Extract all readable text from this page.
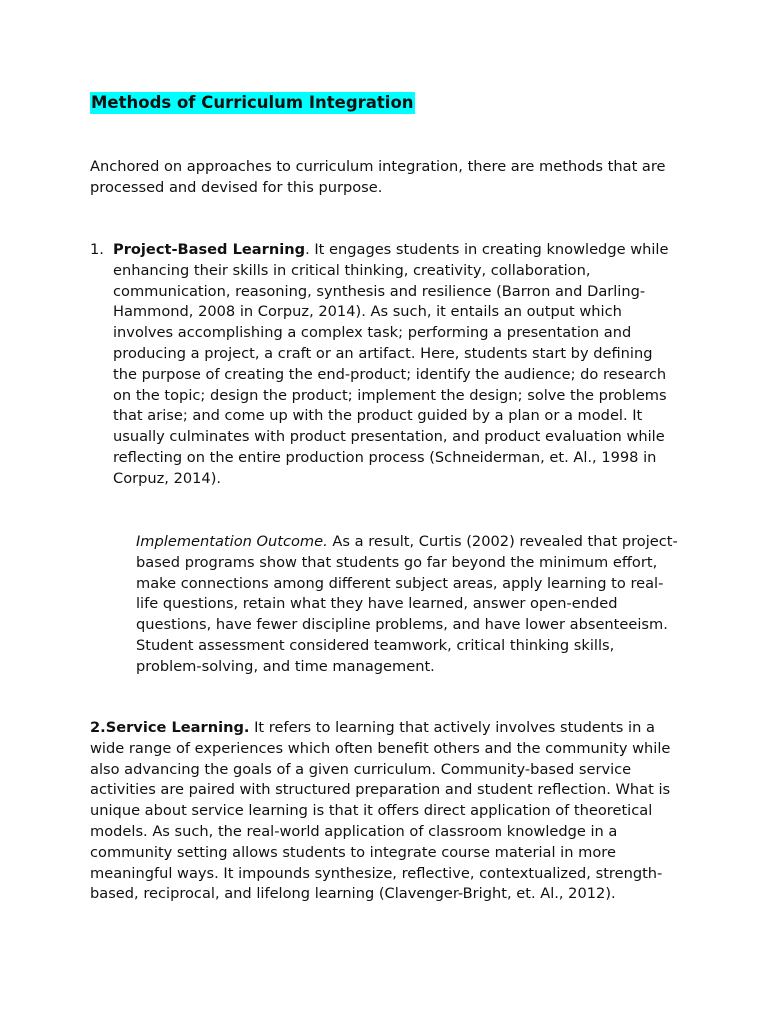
Methods of Curriculum Integration

Anchored on approaches to curriculum integration, there are methods that are processed and devised for this purpose.

1. Project-Based Learning. It engages students in creating knowledge while enhancing their skills in critical thinking, creativity, collaboration, communication, reasoning, synthesis and resilience (Barron and Darling-Hammond, 2008 in Corpuz, 2014). As such, it entails an output which involves accomplishing a complex task; performing a presentation and producing a project, a craft or an artifact. Here, students start by defining the purpose of creating the end-product; identify the audience; do research on the topic; design the product; implement the design; solve the problems that arise; and come up with the product guided by a plan or a model. It usually culminates with product presentation, and product evaluation while reflecting on the entire production process (Schneiderman, et. Al., 1998 in Corpuz, 2014).

Implementation Outcome. As a result, Curtis (2002) revealed that project-based programs show that students go far beyond the minimum effort, make connections among different subject areas, apply learning to real-life questions, retain what they have learned, answer open-ended questions, have fewer discipline problems, and have lower absenteeism. Student assessment considered teamwork, critical thinking skills, problem-solving, and time management.

2.Service Learning. It refers to learning that actively involves students in a wide range of experiences which often benefit others and the community while also advancing the goals of a given curriculum. Community-based service activities are paired with structured preparation and student reflection. What is unique about service learning is that it offers direct application of theoretical models. As such, the real-world application of classroom knowledge in a community setting allows students to integrate course material in more meaningful ways. It impounds synthesize, reflective, contextualized, strength-based, reciprocal, and lifelong learning (Clavenger-Bright, et. Al., 2012).
